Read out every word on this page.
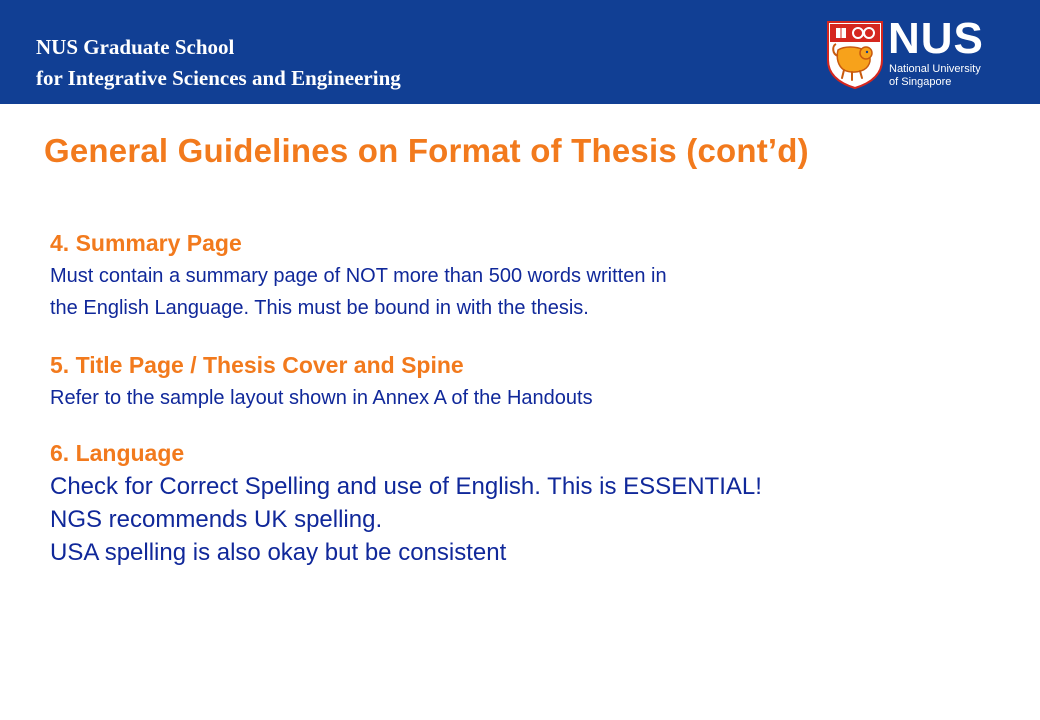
NUS Graduate School
for Integrative Sciences and Engineering
NUS
National University
of Singapore
General Guidelines on Format of Thesis (cont’d)
4. Summary Page
Must contain a summary page of NOT more than 500 words written in
the English Language. This must be bound in with the thesis.
5. Title Page / Thesis Cover and Spine
Refer to the sample layout shown in Annex A of the Handouts
6. Language
Check for Correct Spelling and use of English. This is ESSENTIAL!
NGS recommends UK spelling.
USA spelling is also okay but be consistent
